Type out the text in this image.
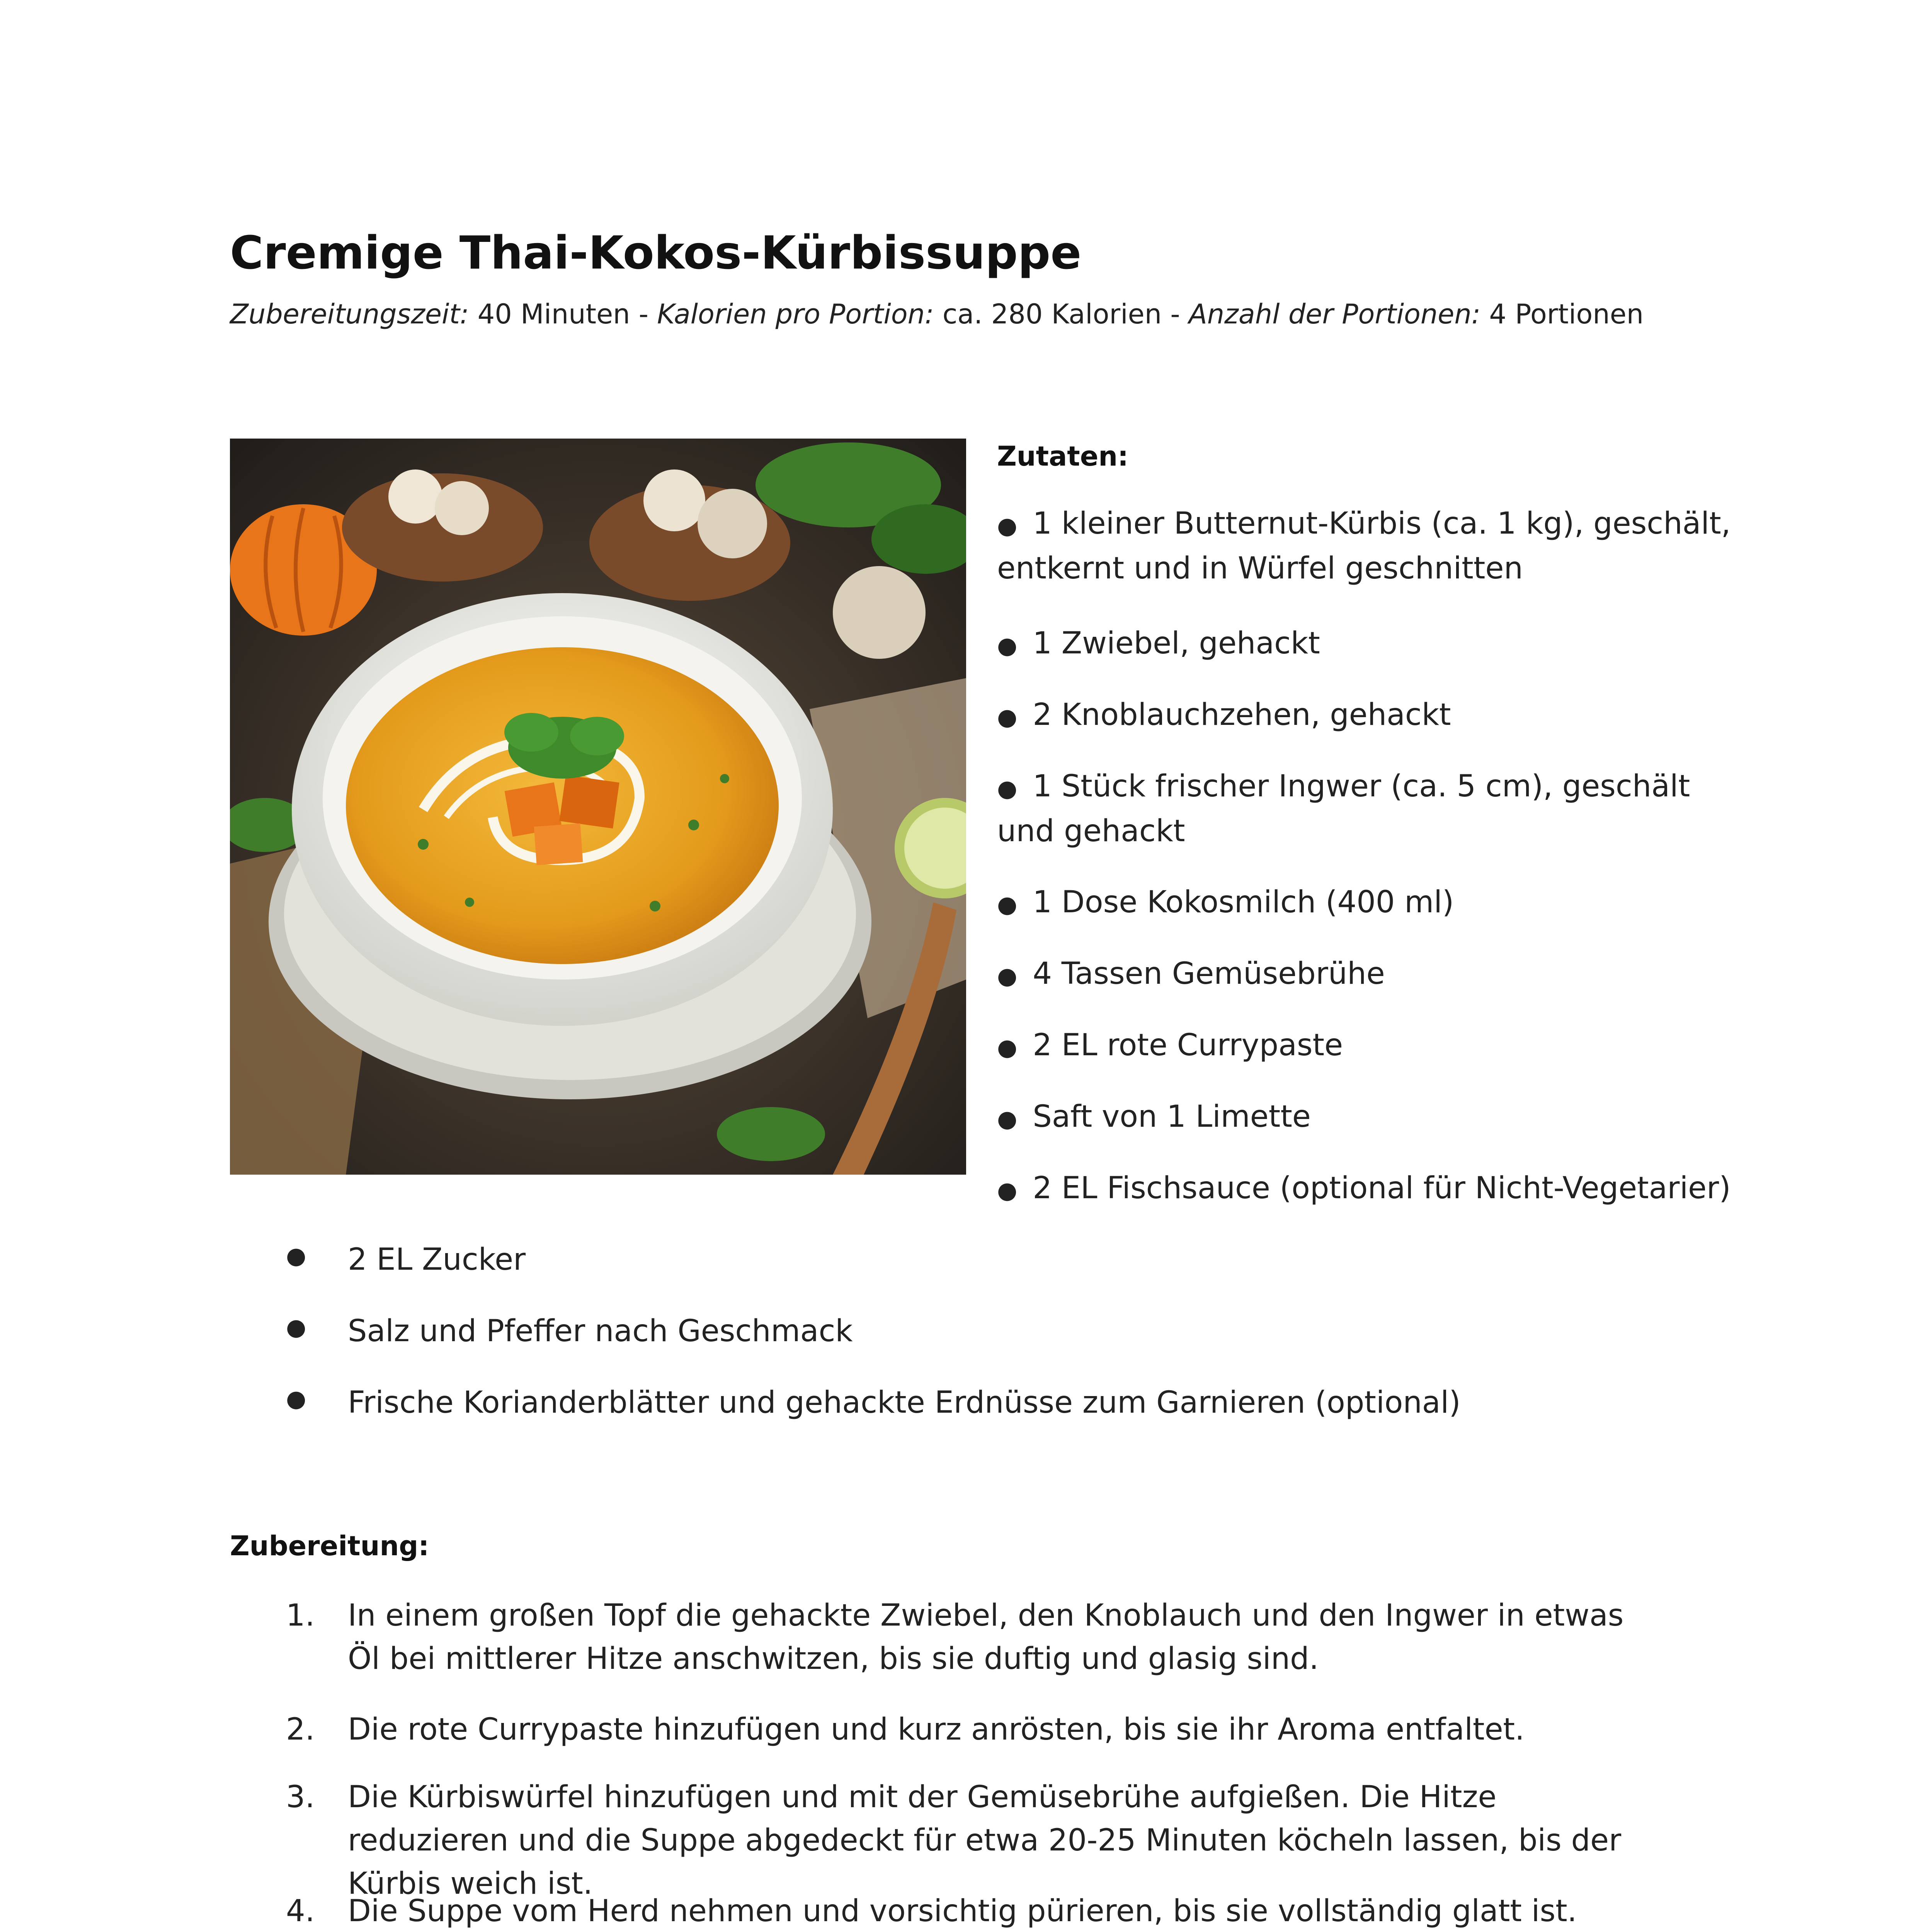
Cremige Thai-Kokos-Kürbissuppe
Zubereitungszeit: 40 Minuten - Kalorien pro Portion: ca. 280 Kalorien - Anzahl der Portionen: 4 Portionen
Zutaten:
● 1 kleiner Butternut-Kürbis (ca. 1 kg), geschält, entkernt und in Würfel geschnitten
● 1 Zwiebel, gehackt
● 2 Knoblauchzehen, gehackt
● 1 Stück frischer Ingwer (ca. 5 cm), geschält und gehackt
● 1 Dose Kokosmilch (400 ml)
● 4 Tassen Gemüsebrühe
● 2 EL rote Currypaste
● Saft von 1 Limette
● 2 EL Fischsauce (optional für Nicht-Vegetarier)
● 2 EL Zucker
● Salz und Pfeffer nach Geschmack
● Frische Korianderblätter und gehackte Erdnüsse zum Garnieren (optional)
Zubereitung:
1.	In einem großen Topf die gehackte Zwiebel, den Knoblauch und den Ingwer in etwas Öl bei mittlerer Hitze anschwitzen, bis sie duftig und glasig sind.
2.	Die rote Currypaste hinzufügen und kurz anrösten, bis sie ihr Aroma entfaltet.
3.	Die Kürbiswürfel hinzufügen und mit der Gemüsebrühe aufgießen. Die Hitze reduzieren und die Suppe abgedeckt für etwa 20-25 Minuten köcheln lassen, bis der Kürbis weich ist.
4.	Die Suppe vom Herd nehmen und vorsichtig pürieren, bis sie vollständig glatt ist.
